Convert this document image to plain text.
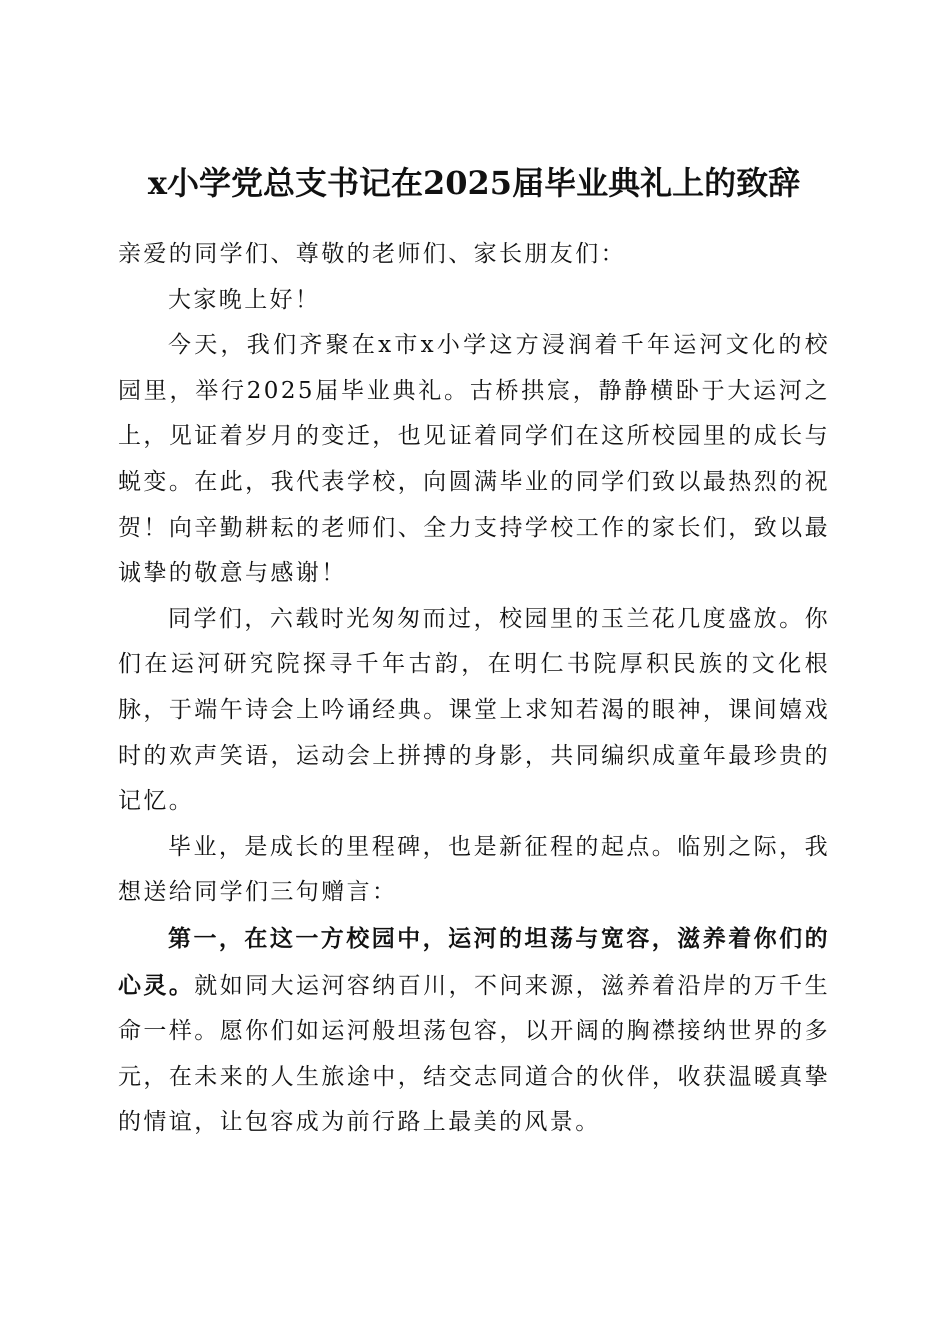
x小学党总支书记在2025届毕业典礼上的致辞

亲爱的同学们、尊敬的老师们、家长朋友们：

大家晚上好！

今天，我们齐聚在x市x小学这方浸润着千年运河文化的校园里，举行2025届毕业典礼。古桥拱宸，静静横卧于大运河之上，见证着岁月的变迁，也见证着同学们在这所校园里的成长与蜕变。在此，我代表学校，向圆满毕业的同学们致以最热烈的祝贺！向辛勤耕耘的老师们、全力支持学校工作的家长们，致以最诚挚的敬意与感谢！

同学们，六载时光匆匆而过，校园里的玉兰花几度盛放。你们在运河研究院探寻千年古韵，在明仁书院厚积民族的文化根脉，于端午诗会上吟诵经典。课堂上求知若渴的眼神，课间嬉戏时的欢声笑语，运动会上拼搏的身影，共同编织成童年最珍贵的记忆。

毕业，是成长的里程碑，也是新征程的起点。临别之际，我想送给同学们三句赠言：

第一，在这一方校园中，运河的坦荡与宽容，滋养着你们的心灵。就如同大运河容纳百川，不问来源，滋养着沿岸的万千生命一样。愿你们如运河般坦荡包容，以开阔的胸襟接纳世界的多元，在未来的人生旅途中，结交志同道合的伙伴，收获温暖真挚的情谊，让包容成为前行路上最美的风景。
